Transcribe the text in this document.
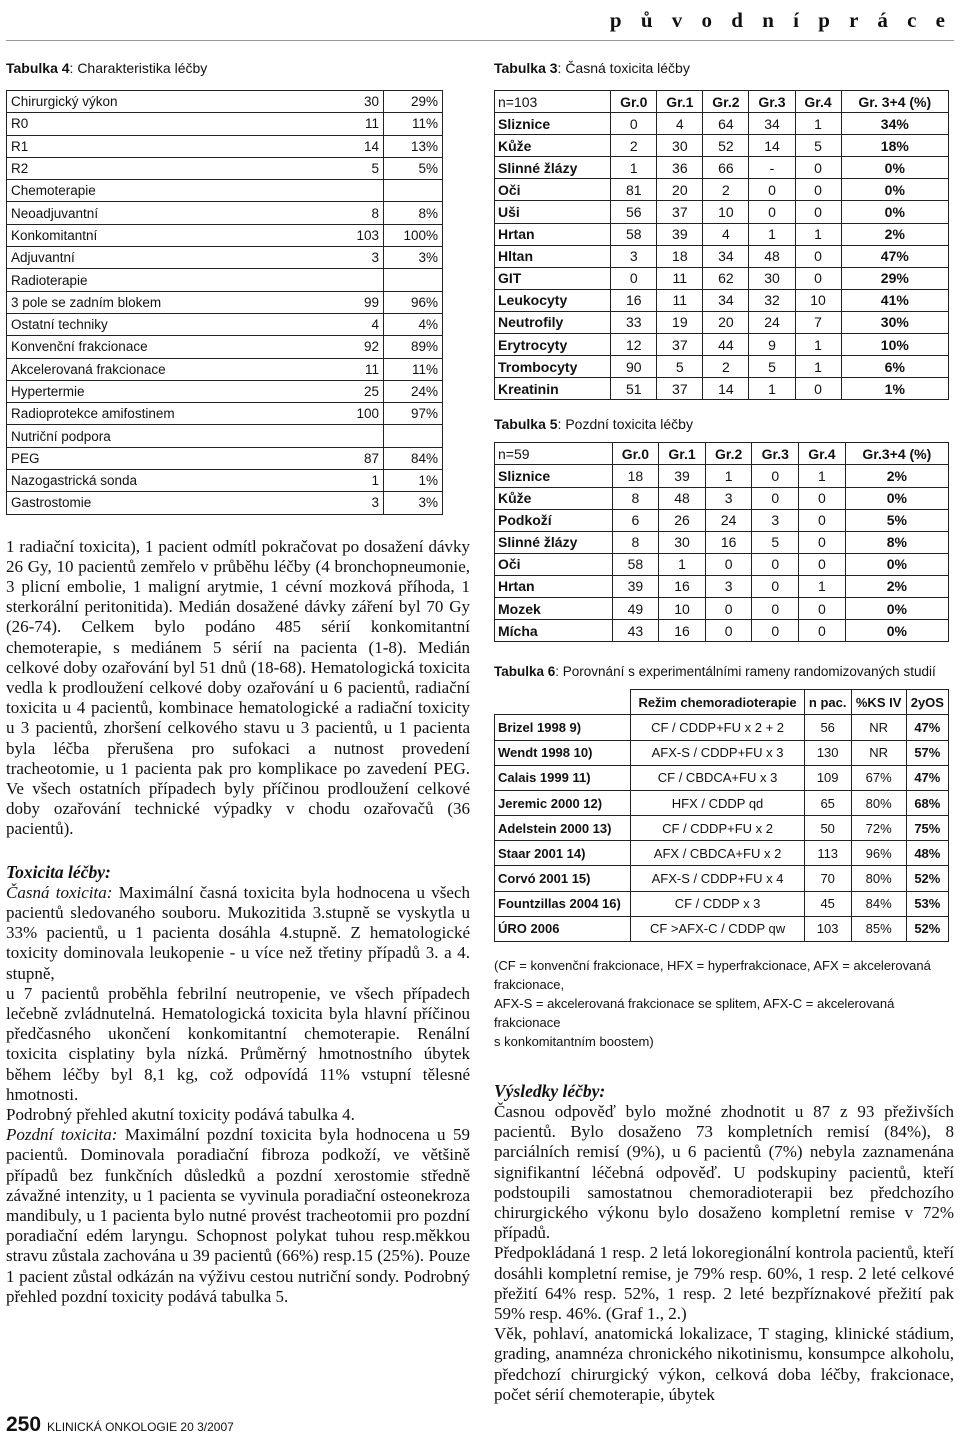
p ů v o d n í p r á c e
Tabulka 4: Charakteristika léčby
Chirurgický výkon	30	29%
R0	11	11%
R1	14	13%
R2	5	5%
Chemoterapie		
Neoadjuvantní	8	8%
Konkomitantní	103	100%
Adjuvantní	3	3%
Radioterapie		
3 pole se zadním blokem	99	96%
Ostatní techniky	4	4%
Konvenční frakcionace	92	89%
Akcelerovaná frakcionace	11	11%
Hypertermie	25	24%
Radioprotekce amifostinem	100	97%
Nutriční podpora		
PEG	87	84%
Nazogastrická sonda	1	1%
Gastrostomie	3	3%

1 radiační toxicita), 1 pacient odmítl pokračovat po dosažení dávky 26 Gy, 10 pacientů zemřelo v průběhu léčby (4 bronchopneumonie, 3 plicní embolie, 1 maligní arytmie, 1 cévní mozková příhoda, 1 sterkorální peritonitida). Medián dosažené dávky záření byl 70 Gy (26-74). Celkem bylo podáno 485 sérií konkomitantní chemoterapie, s mediánem 5 sérií na pacienta (1-8). Medián celkové doby ozařování byl 51 dnů (18-68). Hematologická toxicita vedla k prodloužení celkové doby ozařování u 6 pacientů, radiační toxicita u 4 pacientů, kombinace hematologické a radiační toxicity u 3 pacientů, zhoršení celkového stavu u 3 pacientů, u 1 pacienta byla léčba přerušena pro sufokaci a nutnost provedení tracheotomie, u 1 pacienta pak pro komplikace po zavedení PEG. Ve všech ostatních případech byly příčinou prodloužení celkové doby ozařování technické výpadky v chodu ozařovačů (36 pacientů).

Toxicita léčby:

Časná toxicita: Maximální časná toxicita byla hodnocena u všech pacientů sledovaného souboru. Mukozitida 3.stupně se vyskytla u 33% pacientů, u 1 pacienta dosáhla 4.stupně. Z hematologické toxicity dominovala leukopenie - u více než třetiny případů 3. a 4. stupně,

u 7 pacientů proběhla febrilní neutropenie, ve všech případech lečebně zvládnutelná. Hematologická toxicita byla hlavní příčinou předčasného ukončení konkomitantní chemoterapie. Renální toxicita cisplatiny byla nízká. Průměrný hmotnostního úbytek během léčby byl 8,1 kg, což odpovídá 11% vstupní tělesné hmotnosti.

Podrobný přehled akutní toxicity podává tabulka 4.

Pozdní toxicita: Maximální pozdní toxicita byla hodnocena u 59 pacientů. Dominovala poradiační fibroza podkoží, ve většině případů bez funkčních důsledků a pozdní xerostomie středně závažné intenzity, u 1 pacienta se vyvinula poradiační osteonekroza mandibuly, u 1 pacienta bylo nutné provést tracheotomii pro pozdní poradiační edém laryngu. Schopnost polykat tuhou resp.měkkou stravu zůstala zachována u 39 pacientů (66%) resp.15 (25%). Pouze 1 pacient zůstal odkázán na výživu cestou nutriční sondy. Podrobný přehled pozdní toxicity podává tabulka 5.

Tabulka 3: Časná toxicita léčby
n=103	Gr.0	Gr.1	Gr.2	Gr.3	Gr.4	Gr. 3+4 (%)
Sliznice	0	4	64	34	1	34%
Kůže	2	30	52	14	5	18%
Slinné žlázy	1	36	66	-	0	0%
Oči	81	20	2	0	0	0%
Uši	56	37	10	0	0	0%
Hrtan	58	39	4	1	1	2%
Hltan	3	18	34	48	0	47%
GIT	0	11	62	30	0	29%
Leukocyty	16	11	34	32	10	41%
Neutrofily	33	19	20	24	7	30%
Erytrocyty	12	37	44	9	1	10%
Trombocyty	90	5	2	5	1	6%
Kreatinin	51	37	14	1	0	1%
Tabulka 5: Pozdní toxicita léčby
n=59	Gr.0	Gr.1	Gr.2	Gr.3	Gr.4	Gr.3+4 (%)
Sliznice	18	39	1	0	1	2%
Kůže	8	48	3	0	0	0%
Podkoží	6	26	24	3	0	5%
Slinné žlázy	8	30	16	5	0	8%
Oči	58	1	0	0	0	0%
Hrtan	39	16	3	0	1	2%
Mozek	49	10	0	0	0	0%
Mícha	43	16	0	0	0	0%
Tabulka 6: Porovnání s experimentálními rameny randomizovaných studií
	Režim chemoradioterapie	n pac.	%KS IV	2yOS
Brizel 1998 9)	CF / CDDP+FU x 2 + 2	56	NR	47%
Wendt 1998 10)	AFX-S / CDDP+FU x 3	130	NR	57%
Calais 1999 11)	CF / CBDCA+FU x 3	109	67%	47%
Jeremic 2000 12)	HFX / CDDP qd	65	80%	68%
Adelstein 2000 13)	CF / CDDP+FU x 2	50	72%	75%
Staar 2001 14)	AFX / CBDCA+FU x 2	113	96%	48%
Corvó 2001 15)	AFX-S / CDDP+FU x 4	70	80%	52%
Fountzillas 2004 16)	CF / CDDP x 3	45	84%	53%
ÚRO 2006	CF >AFX-C / CDDP qw	103	85%	52%
(CF = konvenční frakcionace, HFX = hyperfrakcionace, AFX = akcelerovaná frakcionace,
AFX-S = akcelerovaná frakcionace se splitem, AFX-C = akcelerovaná frakcionace
s konkomitantním boostem)

Výsledky léčby:

Časnou odpověď bylo možné zhodnotit u 87 z 93 přeživších pacientů. Bylo dosaženo 73 kompletních remisí (84%), 8 parciálních remisí (9%), u 6 pacientů (7%) nebyla zaznamenána signifikantní léčebná odpověď. U podskupiny pacientů, kteří podstoupili samostatnou chemoradioterapii bez předchozího chirurgického výkonu bylo dosaženo kompletní remise v 72% případů.

Předpokládaná 1 resp. 2 letá lokoregionální kontrola pacientů, kteří dosáhli kompletní remise, je 79% resp. 60%, 1 resp. 2 leté celkové přežití 64% resp. 52%, 1 resp. 2 leté bezpříznakové přežití pak 59% resp. 46%. (Graf 1., 2.)

Věk, pohlaví, anatomická lokalizace, T staging, klinické stádium, grading, anamnéza chronického nikotinismu, konsumpce alkoholu, předchozí chirurgický výkon, celková doba léčby, frakcionace, počet sérií chemoterapie, úbytek

250 KLINICKÁ ONKOLOGIE 20 3/2007
